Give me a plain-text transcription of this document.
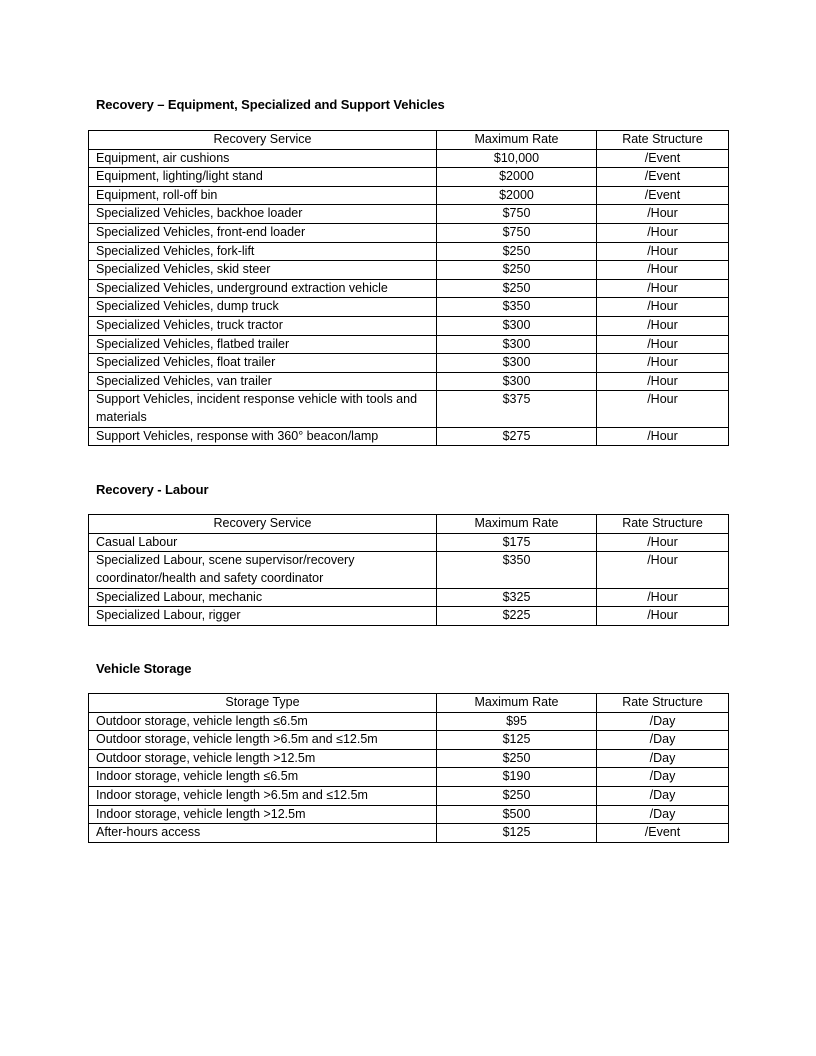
Recovery – Equipment, Specialized and Support Vehicles
Recovery Service	Maximum Rate	Rate Structure
Equipment, air cushions	$10,000	/Event
Equipment, lighting/light stand	$2000	/Event
Equipment, roll-off bin	$2000	/Event
Specialized Vehicles, backhoe loader	$750	/Hour
Specialized Vehicles, front-end loader	$750	/Hour
Specialized Vehicles, fork-lift	$250	/Hour
Specialized Vehicles, skid steer	$250	/Hour
Specialized Vehicles, underground extraction vehicle	$250	/Hour
Specialized Vehicles, dump truck	$350	/Hour
Specialized Vehicles, truck tractor	$300	/Hour
Specialized Vehicles, flatbed trailer	$300	/Hour
Specialized Vehicles, float trailer	$300	/Hour
Specialized Vehicles, van trailer	$300	/Hour
Support Vehicles, incident response vehicle with tools and materials	$375	/Hour
Support Vehicles, response with 360° beacon/lamp	$275	/Hour
Recovery - Labour
Recovery Service	Maximum Rate	Rate Structure
Casual Labour	$175	/Hour
Specialized Labour, scene supervisor/recovery coordinator/health and safety coordinator	$350	/Hour
Specialized Labour, mechanic	$325	/Hour
Specialized Labour, rigger	$225	/Hour
Vehicle Storage
Storage Type	Maximum Rate	Rate Structure
Outdoor storage, vehicle length ≤6.5m	$95	/Day
Outdoor storage, vehicle length >6.5m and ≤12.5m	$125	/Day
Outdoor storage, vehicle length >12.5m	$250	/Day
Indoor storage, vehicle length ≤6.5m	$190	/Day
Indoor storage, vehicle length >6.5m and ≤12.5m	$250	/Day
Indoor storage, vehicle length >12.5m	$500	/Day
After-hours access	$125	/Event
